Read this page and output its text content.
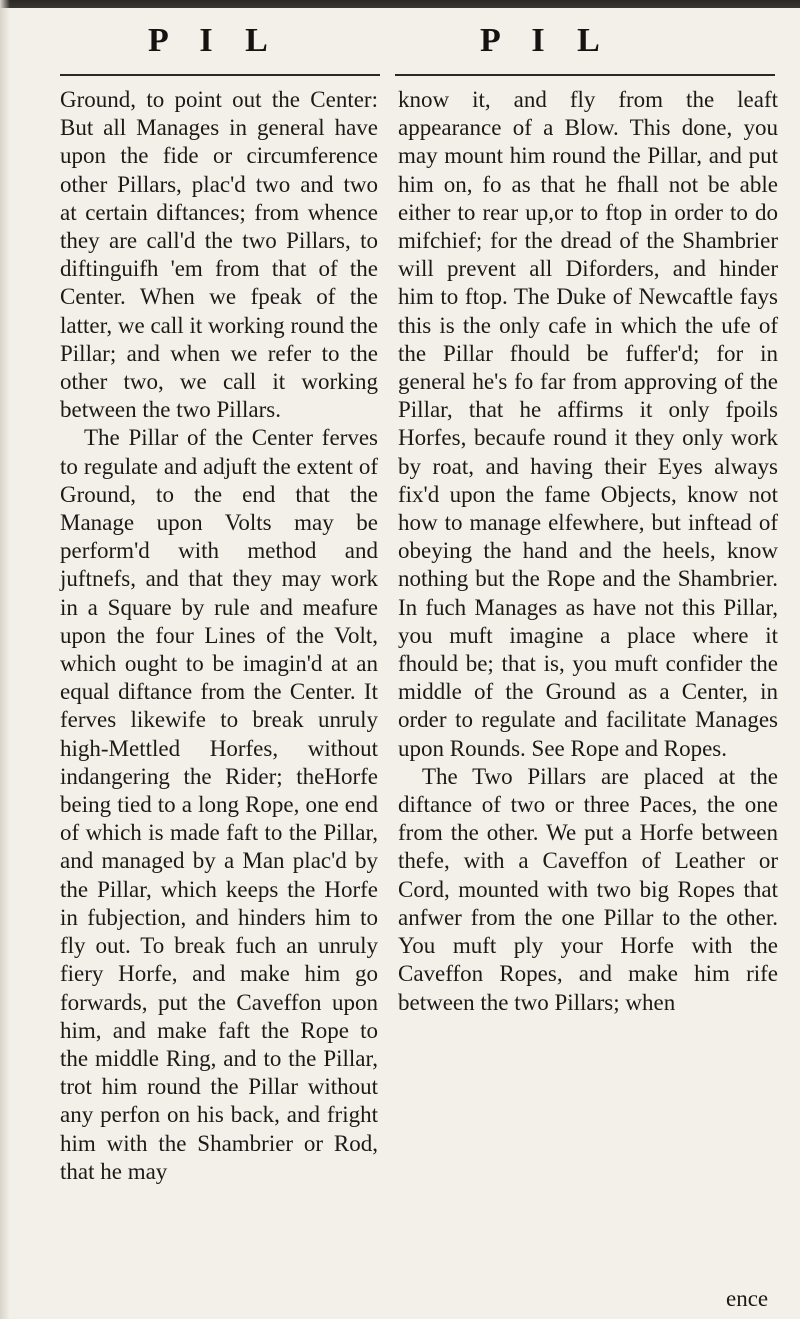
P I L	P I L

Ground, to point out the Center: But all Manages in general have upon the fide or circumference other Pillars, plac'd two and two at certain diftances; from whence they are call'd the two Pillars, to diftinguifh 'em from that of the Center. When we fpeak of the latter, we call it working round the Pillar; and when we refer to the other two, we call it working between the two Pillars.

The Pillar of the Center ferves to regulate and adjuft the extent of Ground, to the end that the Manage upon Volts may be perform'd with method and juftnefs, and that they may work in a Square by rule and meafure upon the four Lines of the Volt, which ought to be imagin'd at an equal diftance from the Center. It ferves likewife to break unruly high-Mettled Horfes, without indangering the Rider; theHorfe being tied to a long Rope, one end of which is made faft to the Pillar, and managed by a Man plac'd by the Pillar, which keeps the Horfe in fubjection, and hinders him to fly out. To break fuch an unruly fiery Horfe, and make him go forwards, put the Caveffon upon him, and make faft the Rope to the middle Ring, and to the Pillar, trot him round the Pillar without any perfon on his back, and fright him with the Shambrier or Rod, that he may

know it, and fly from the leaft appearance of a Blow. This done, you may mount him round the Pillar, and put him on, fo as that he fhall not be able either to rear up,or to ftop in order to do mifchief; for the dread of the Shambrier will prevent all Diforders, and hinder him to ftop. The Duke of Newcaftle fays this is the only cafe in which the ufe of the Pillar fhould be fuffer'd; for in general he's fo far from approving of the Pillar, that he affirms it only fpoils Horfes, becaufe round it they only work by roat, and having their Eyes always fix'd upon the fame Objects, know not how to manage elfewhere, but inftead of obeying the hand and the heels, know nothing but the Rope and the Shambrier. In fuch Manages as have not this Pillar, you muft imagine a place where it fhould be; that is, you muft confider the middle of the Ground as a Center, in order to regulate and facilitate Manages upon Rounds. See Rope and Ropes.

The Two Pillars are placed at the diftance of two or three Paces, the one from the other. We put a Horfe between thefe, with a Caveffon of Leather or Cord, mounted with two big Ropes that anfwer from the one Pillar to the other. You muft ply your Horfe with the Caveffon Ropes, and make him rife between the two Pillars; when

ence
